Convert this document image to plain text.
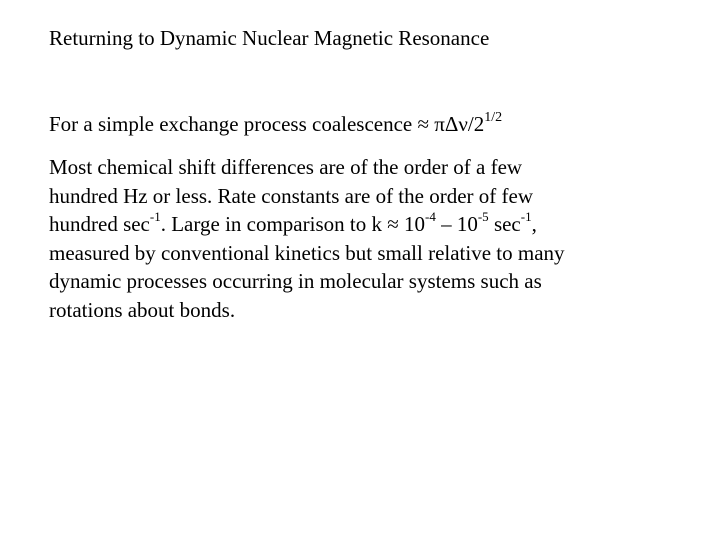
Returning to Dynamic Nuclear Magnetic Resonance
For a simple exchange process coalescence ≈ πΔν/$2^{1/2}$
Most chemical shift differences are of the order of a few
hundred Hz or less. Rate constants are of the order of few
hundred $\sec^{-1}$. Large in comparison to $k \approx 10^{-4} - 10^{-5}$ $\sec^{-1}$,
measured by conventional kinetics but small relative to many
dynamic processes occurring in molecular systems such as
rotations about bonds.
